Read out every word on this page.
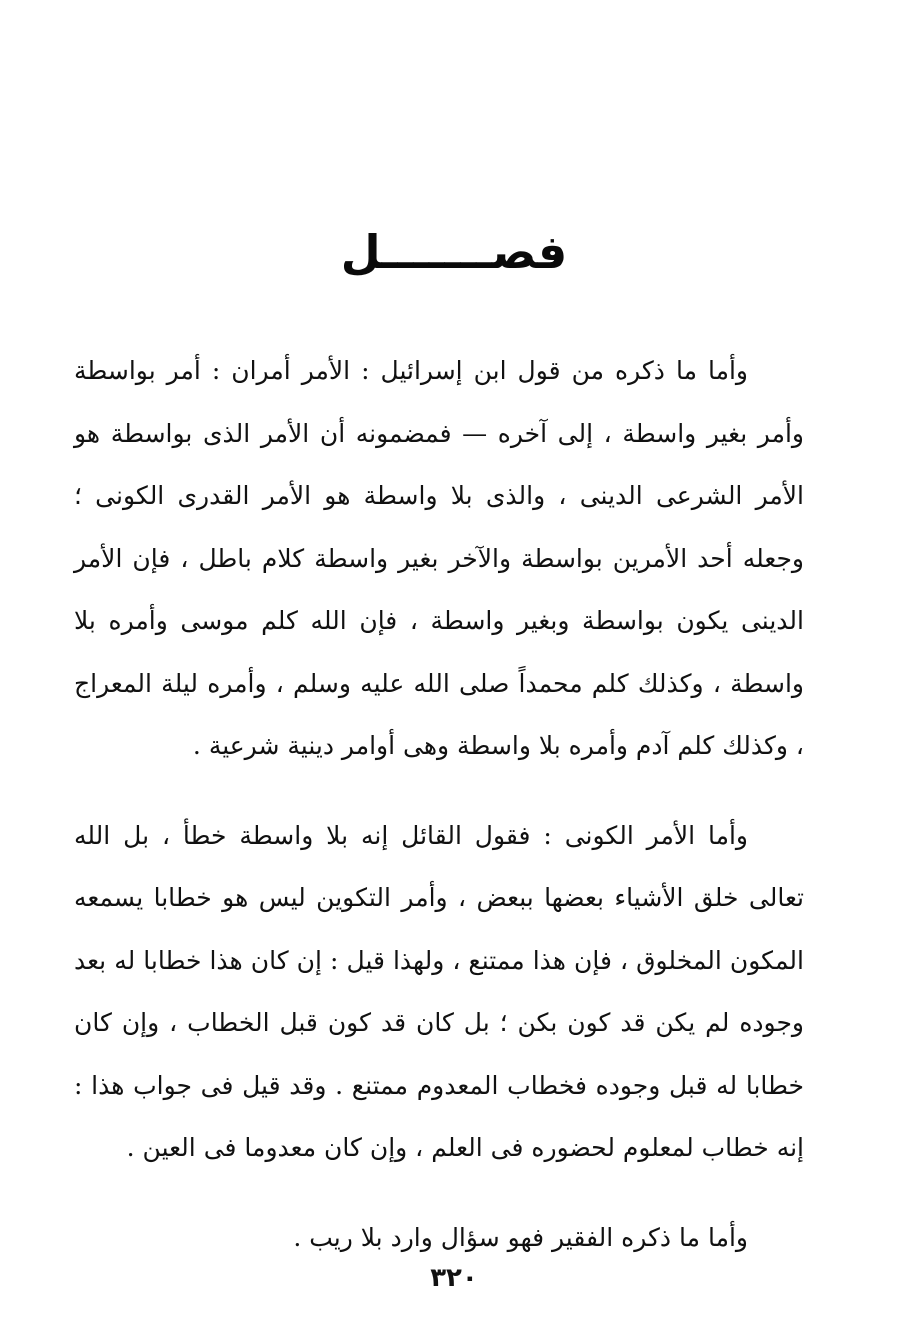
فصـــــــل

وأما ما ذكره من قول ابن إسرائيل : الأمر أمران : أمر بواسطة وأمر بغير واسطة ، إلى آخره — فمضمونه أن الأمر الذى بواسطة هو الأمر الشرعى الدينى ، والذى بلا واسطة هو الأمر القدرى الكونى ؛ وجعله أحد الأمرين بواسطة والآخر بغير واسطة كلام باطل ، فإن الأمر الدينى يكون بواسطة وبغير واسطة ، فإن الله كلم موسى وأمره بلا واسطة ، وكذلك كلم محمداً صلى الله عليه وسلم ، وأمره ليلة المعراج ، وكذلك كلم آدم وأمره بلا واسطة وهى أوامر دينية شرعية .

وأما الأمر الكونى : فقول القائل إنه بلا واسطة خطأ ، بل الله تعالى خلق الأشياء بعضها ببعض ، وأمر التكوين ليس هو خطابا يسمعه المكون المخلوق ، فإن هذا ممتنع ، ولهذا قيل : إن كان هذا خطابا له بعد وجوده لم يكن قد كون بكن ؛ بل كان قد كون قبل الخطاب ، وإن كان خطابا له قبل وجوده فخطاب المعدوم ممتنع . وقد قيل فى جواب هذا : إنه خطاب لمعلوم لحضوره فى العلم ، وإن كان معدوما فى العين .

وأما ما ذكره الفقير فهو سؤال وارد بلا ريب .

٣٢٠
